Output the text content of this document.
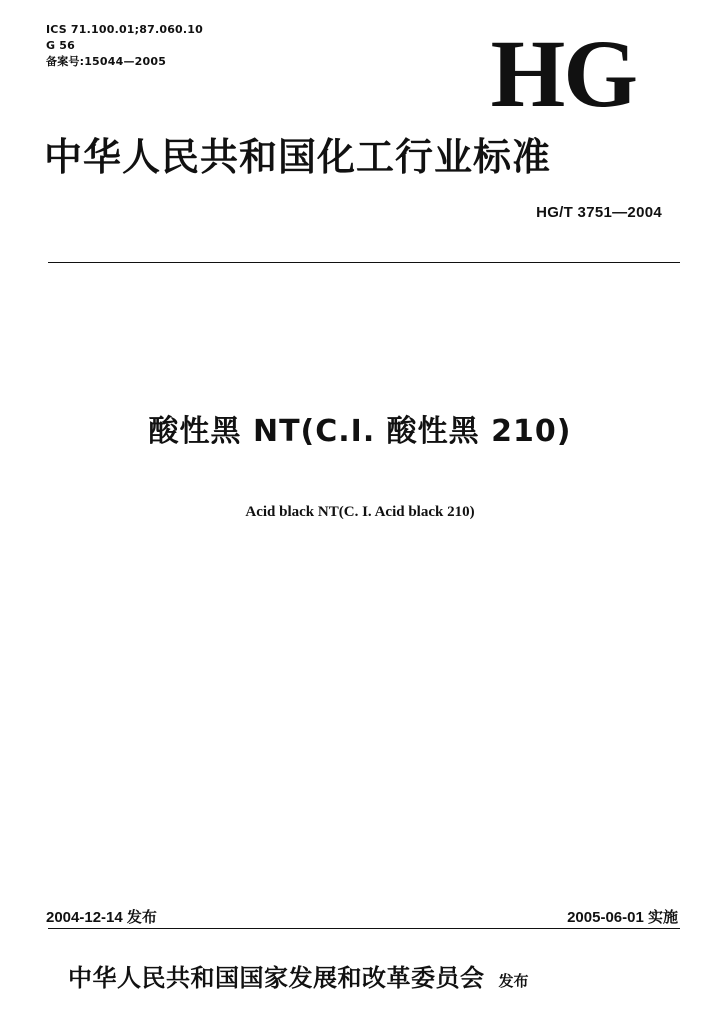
ICS 71.100.01;87.060.10
G 56
备案号:15044—2005	HG
中华人民共和国化工行业标准
HG/T 3751—2004
酸性黑 NT(C.I. 酸性黑 210)
Acid black NT(C. I. Acid black 210)
2004-12-14 发布	2005-06-01 实施
中华人民共和国国家发展和改革委员会 发布
